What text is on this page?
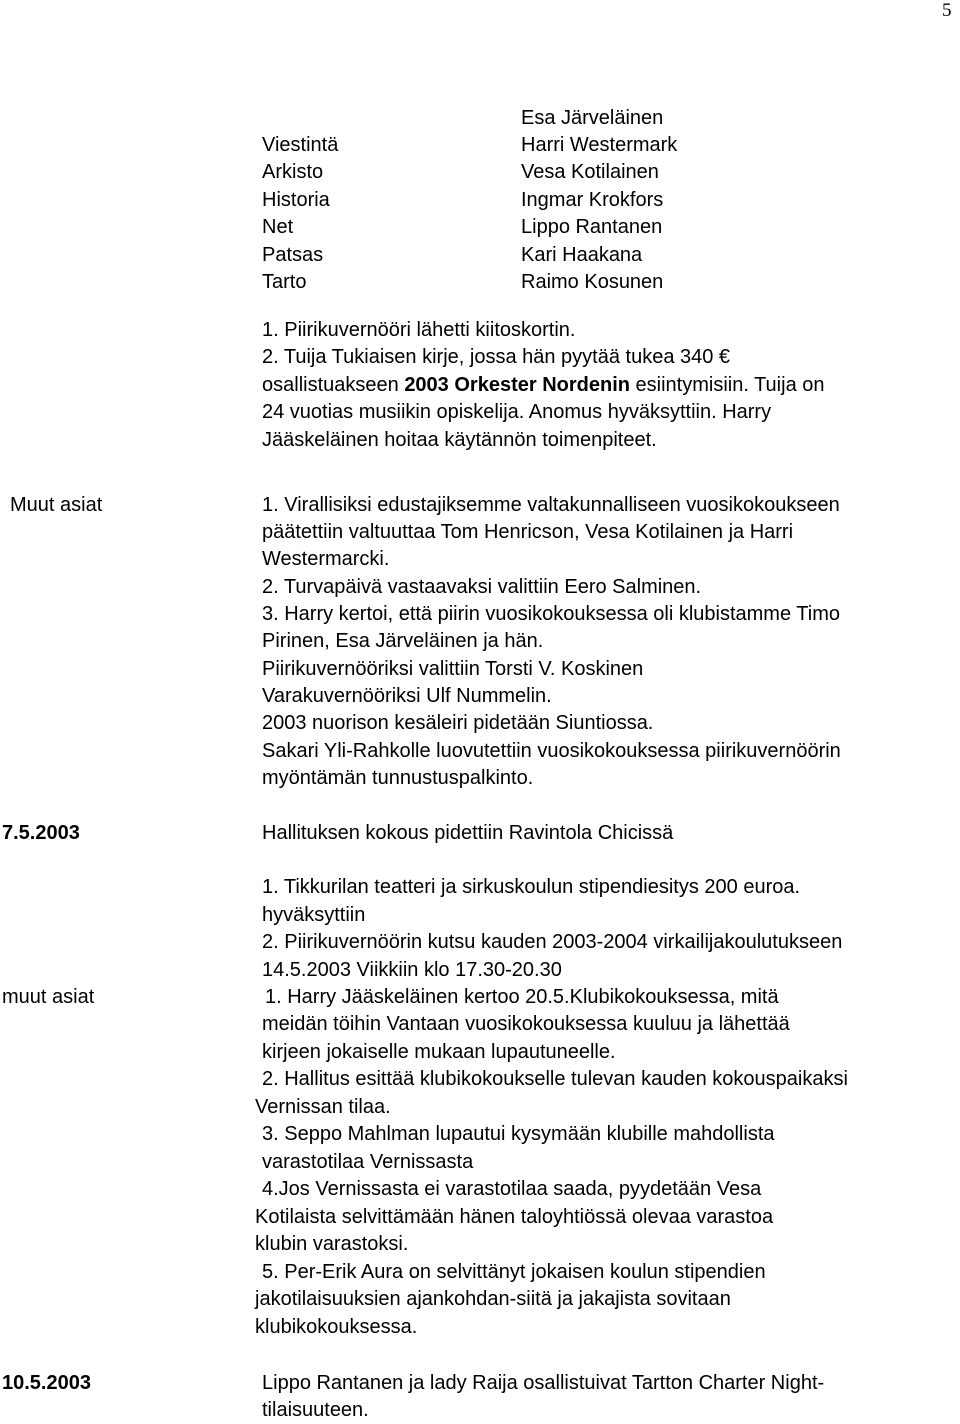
5
Esa Järveläinen
Viestintä	Harri Westermark
Arkisto	Vesa Kotilainen
Historia	Ingmar Krokfors
Net	Lippo Rantanen
Patsas	Kari Haakana
Tarto	Raimo Kosunen
1. Piirikuvernööri lähetti kiitoskortin.
2. Tuija Tukiaisen kirje, jossa hän pyytää tukea 340 €
osallistuakseen 2003 Orkester Nordenin esiintymisiin. Tuija on
24 vuotias musiikin opiskelija. Anomus hyväksyttiin. Harry
Jääskeläinen hoitaa käytännön toimenpiteet.
Muut asiat	1. Virallisiksi edustajiksemme valtakunnalliseen vuosikokoukseen
päätettiin valtuuttaa Tom Henricson, Vesa Kotilainen ja Harri
Westermarcki.
2. Turvapäivä vastaavaksi valittiin Eero Salminen.
3. Harry kertoi, että piirin vuosikokouksessa oli klubistamme Timo
Pirinen, Esa Järveläinen ja hän.
Piirikuvernööriksi valittiin Torsti V. Koskinen
Varakuvernööriksi Ulf Nummelin.
2003 nuorison kesäleiri pidetään Siuntiossa.
Sakari Yli-Rahkolle luovutettiin vuosikokouksessa piirikuvernöörin
myöntämän tunnustuspalkinto.
7.5.2003	Hallituksen kokous pidettiin Ravintola Chicissä
1. Tikkurilan teatteri ja sirkuskoulun stipendiesitys 200 euroa.
hyväksyttiin
2. Piirikuvernöörin kutsu kauden 2003-2004 virkailijakoulutukseen
14.5.2003 Viikkiin klo 17.30-20.30
muut asiat	1. Harry Jääskeläinen kertoo 20.5.Klubikokouksessa, mitä
meidän töihin Vantaan vuosikokouksessa kuuluu ja lähettää
kirjeen jokaiselle mukaan lupautuneelle.
2. Hallitus esittää klubikokoukselle tulevan kauden kokouspaikaksi
Vernissan tilaa.
3. Seppo Mahlman lupautui kysymään klubille mahdollista
varastotilaa Vernissasta
4.Jos Vernissasta ei varastotilaa saada, pyydetään Vesa
Kotilaista selvittämään hänen taloyhtiössä olevaa varastoa
klubin varastoksi.
5. Per-Erik Aura on selvittänyt jokaisen koulun stipendien
jakotilaisuuksien ajankohdan-siitä ja jakajista sovitaan
klubikokouksessa.
10.5.2003	Lippo Rantanen ja lady Raija osallistuivat Tartton Charter Night-
tilaisuuteen.
